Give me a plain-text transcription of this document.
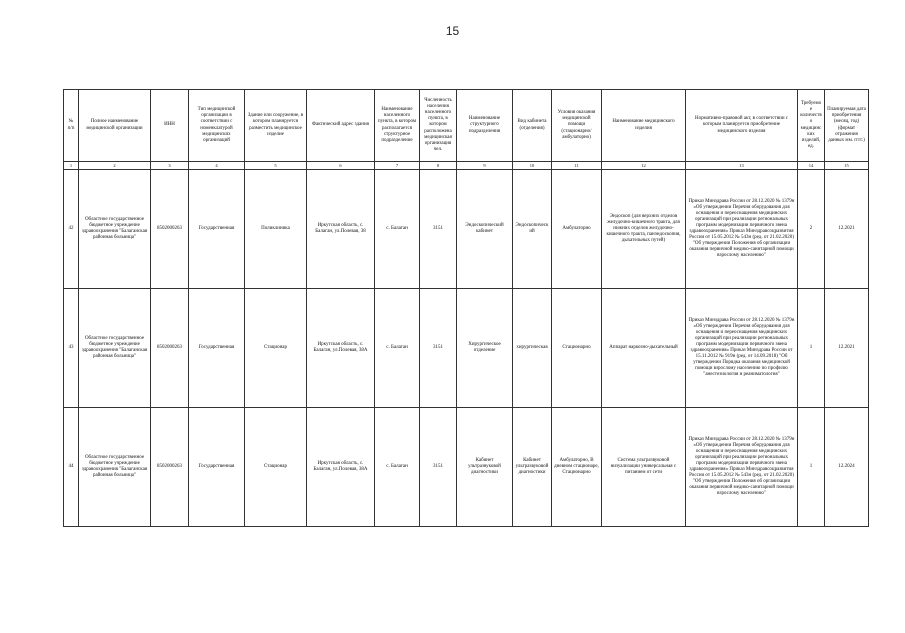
15
№ п/п	Полное наименование медицинской организации	ИНН	Тип медицинской организации в соответствии с номенклатурой медицинских организаций	Здание или сооружение, в котором планируется разместить медицинское изделие	Фактический адрес здания	Наименование населенного пункта, в котором располагается структурное подразделение	Численность населения населенного пункта, в котором расположена медицинская организация чел.	Наименование структурного подразделения	Вид кабинета (отделения)	Условия оказания медицинской помощи (стационарно/амбулаторно)	Наименование медицинского изделия	Нормативно-правовой акт, в соответствии с которым планируется приобретение медицинского изделия	Требуемое количество медицинских изделий, ед.	Планируемая дата приобретения (месяц, год) (формат отражения данных мм. гггг.)
1	2	3	4	5	6	7	8	9	10	11	12	13	14	15
42	Областное государственное бюджетное учреждение здравоохранения "Балаганская районная больница"	8502000263	Государственная	Поликлиника	Иркутская область, с. Балаган, ул.Полевая, 38	с. Балаган	3151	Эндоскопический кабинет	Эндоскопический	Амбулаторно	Эндоскоп (для верхних отделов желудочно-кишечного тракта, для нижних отделов желудочно-кишечного тракта, панэндоскопия, дыхательных путей)	Приказ Минздрава России от 28.12.2020 № 1379н «Об утверждении Перечня оборудования для оснащения и переоснащения медицинских организаций при реализации региональных программ модернизации первичного звена здравоохранения» Приказ Минздравсоцразвития России от 15.05.2012 № 543н (ред. от 21.02.2020) "Об утверждении Положения об организации оказания первичной медико-санитарной помощи взрослому населению"	2	12.2021
43	Областное государственное бюджетное учреждение здравоохранения "Балаганская районная больница"	8502000263	Государственная	Стационар	Иркутская область, с. Балаган, ул.Полевая, 38А	с. Балаган	3151	Хирургическое отделение	хирургическая	Стационарно	Аппарат наркозно-дыхательный	Приказ Минздрава России от 28.12.2020 № 1379н «Об утверждении Перечня оборудования для оснащения и переоснащения медицинских организаций при реализации региональных программ модернизации первичного звена здравоохранения» Приказ Минздрава России от 15.11.2012 № 919н (ред. от 14.09.2018) "Об утверждении Порядка оказания медицинской помощи взрослому населению по профилю "анестезиология и реаниматология"	1	12.2021
44	Областное государственное бюджетное учреждение здравоохранения "Балаганская районная больница"	8502000263	Государственная	Стационар	Иркутская область, с. Балаган, ул.Полевая, 38А	с. Балаган	3151	Кабинет ультразвуковой диагностики	Кабинет ультразвуковой диагностики	Амбулаторно, В дневном стационаре, Стационарно	Система ультразвуковой визуализации универсальная с питанием от сети	Приказ Минздрава России от 28.12.2020 № 1379н «Об утверждении Перечня оборудования для оснащения и переоснащения медицинских организаций при реализации региональных программ модернизации первичного звена здравоохранения» Приказ Минздравсоцразвития России от 15.05.2012 № 543н (ред. от 21.02.2020) "Об утверждении Положения об организации оказания первичной медико-санитарной помощи взрослому населению"	1	12.2024
